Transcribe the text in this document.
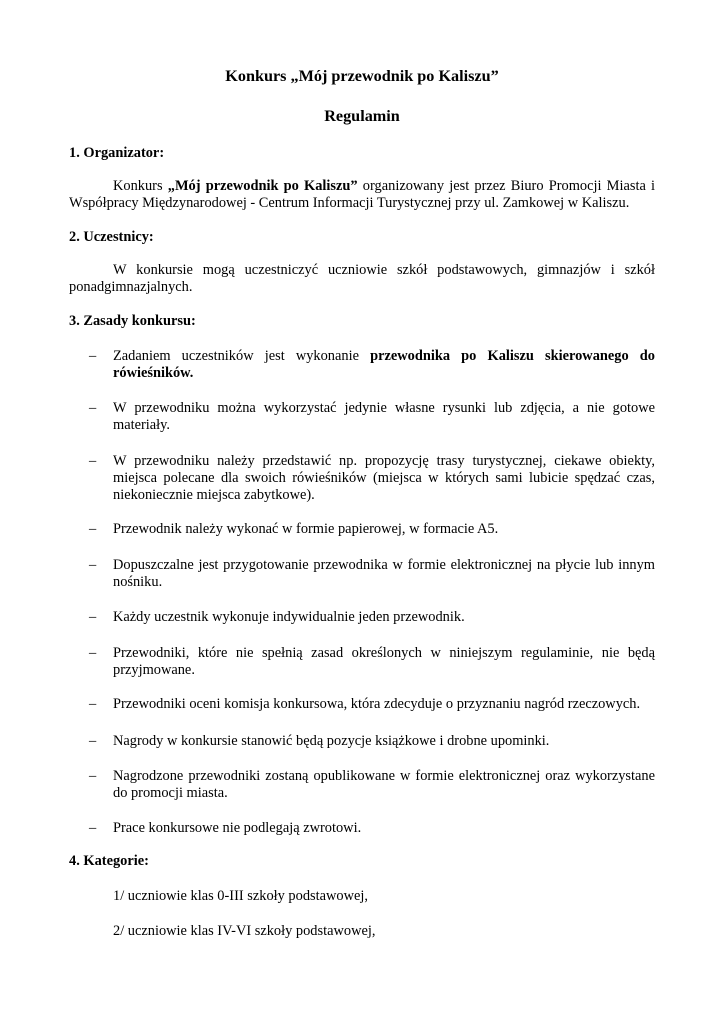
Konkurs „Mój przewodnik po Kaliszu”
Regulamin
1. Organizator:
Konkurs „Mój przewodnik po Kaliszu” organizowany jest przez Biuro Promocji Miasta i Współpracy Międzynarodowej - Centrum Informacji Turystycznej przy ul. Zamkowej w Kaliszu.
2. Uczestnicy:
W konkursie mogą uczestniczyć uczniowie szkół podstawowych, gimnazjów i szkół ponadgimnazjalnych.
3. Zasady konkursu:
–	Zadaniem uczestników jest wykonanie przewodnika po Kaliszu skierowanego do rówieśników.
–	W przewodniku można wykorzystać jedynie własne rysunki lub zdjęcia, a nie gotowe materiały.
–	W przewodniku należy przedstawić np. propozycję trasy turystycznej, ciekawe obiekty, miejsca polecane dla swoich rówieśników (miejsca w których sami lubicie spędzać czas, niekoniecznie miejsca zabytkowe).
–	Przewodnik należy wykonać w formie papierowej, w formacie A5.
–	Dopuszczalne jest przygotowanie przewodnika w formie elektronicznej na płycie lub innym nośniku.
–	Każdy uczestnik wykonuje indywidualnie jeden przewodnik.
–	Przewodniki, które nie spełnią zasad określonych w niniejszym regulaminie, nie będą przyjmowane.
–	Przewodniki oceni komisja konkursowa, która zdecyduje o przyznaniu nagród rzeczowych.
–	Nagrody w konkursie stanowić będą pozycje książkowe i drobne upominki.
–	Nagrodzone przewodniki zostaną opublikowane w formie elektronicznej oraz wykorzystane do promocji miasta.
–	Prace konkursowe nie podlegają zwrotowi.
4. Kategorie:
1/ uczniowie klas 0-III szkoły podstawowej,
2/ uczniowie klas IV-VI szkoły podstawowej,
